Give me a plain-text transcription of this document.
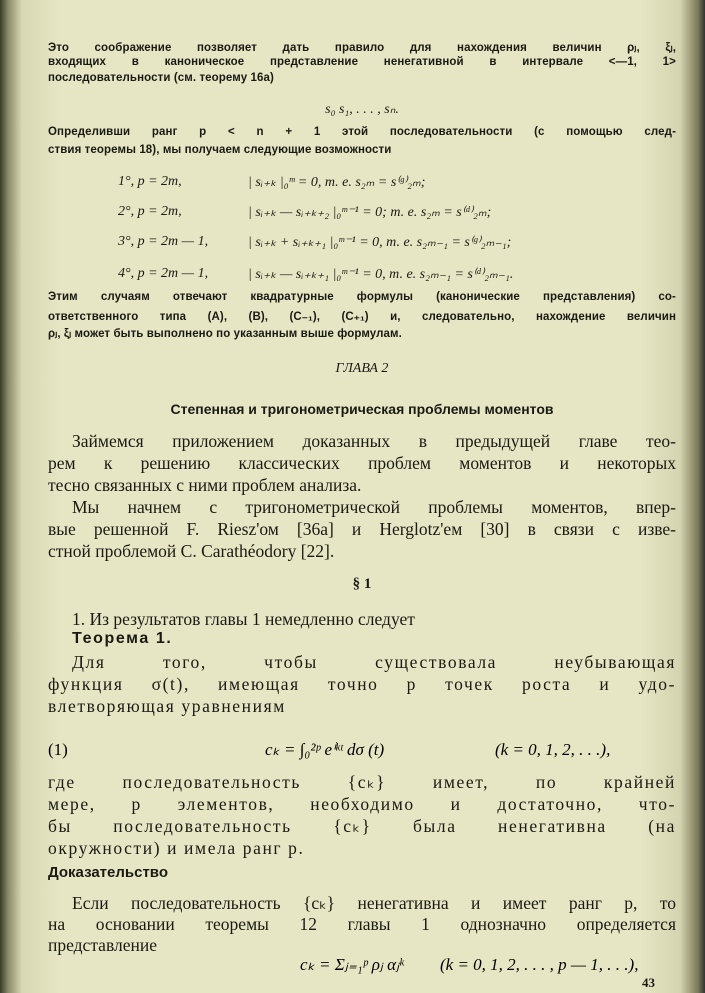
Это соображение позволяет дать правило для нахождения величин ρⱼ, ξⱼ,
входящих в каноническое представление ненегативной в интервале <—1, 1>
последовательности (см. теорему 16а)
s₀ s₁, . . . , sₙ.
Определивши ранг p < n + 1 этой последовательности (с помощью след-
ствия теоремы 18), мы получаем следующие возможности
1°, p = 2m,	| sᵢ₊ₖ |₀ᵐ = 0, т. е. s₂ₘ = s⁽ᵍ⁾₂ₘ;
2°, p = 2m,	| sᵢ₊ₖ — sᵢ₊ₖ₊₂ |₀ᵐ⁻¹ = 0; т. е. s₂ₘ = s⁽ᵈ⁾₂ₘ;
3°, p = 2m — 1,	| sᵢ₊ₖ + sᵢ₊ₖ₊₁ |₀ᵐ⁻¹ = 0, т. е. s₂ₘ₋₁ = s⁽ᵍ⁾₂ₘ₋₁;
4°, p = 2m — 1,	| sᵢ₊ₖ — sᵢ₊ₖ₊₁ |₀ᵐ⁻¹ = 0, т. е. s₂ₘ₋₁ = s⁽ᵈ⁾₂ₘ₋₁.
Этим случаям отвечают квадратурные формулы (канонические представления) со-
ответственного типа (A), (B), (C₋₁), (C₊₁) и, следовательно, нахождение величин
ρⱼ, ξⱼ может быть выполнено по указанным выше формулам.
ГЛАВА 2
Степенная и тригонометрическая проблемы моментов
Займемся приложением доказанных в предыдущей главе тео-
рем к решению классических проблем моментов и некоторых
тесно связанных с ними проблем анализа.
Мы начнем с тригонометрической проблемы моментов, впер-
вые решенной F. Riesz'ом [36a] и Herglotz'ем [30] в связи с изве-
стной проблемой C. Carathéodory [22].
§ 1
1. Из результатов главы 1 немедленно следует
Теорема 1.
Для того, чтобы существовала неубывающая
функция σ(t), имеющая точно p точек роста и удо-
влетворяющая уравнениям
(1)	cₖ = ∫₀²ᵖ eⁱᵏᵗ dσ (t)	(k = 0, 1, 2, . . .),
где последовательность {cₖ} имеет, по крайней
мере, p элементов, необходимо и достаточно, что-
бы последовательность {cₖ} была ненегативна (на
окружности) и имела ранг p.
Доказательство
Если последовательность {cₖ} ненегативна и имеет ранг p, то
на основании теоремы 12 главы 1 однозначно определяется
представление
cₖ = Σⱼ₌₁ᵖ ρⱼ αⱼᵏ (k = 0, 1, 2, . . . , p — 1, . . .),
43
